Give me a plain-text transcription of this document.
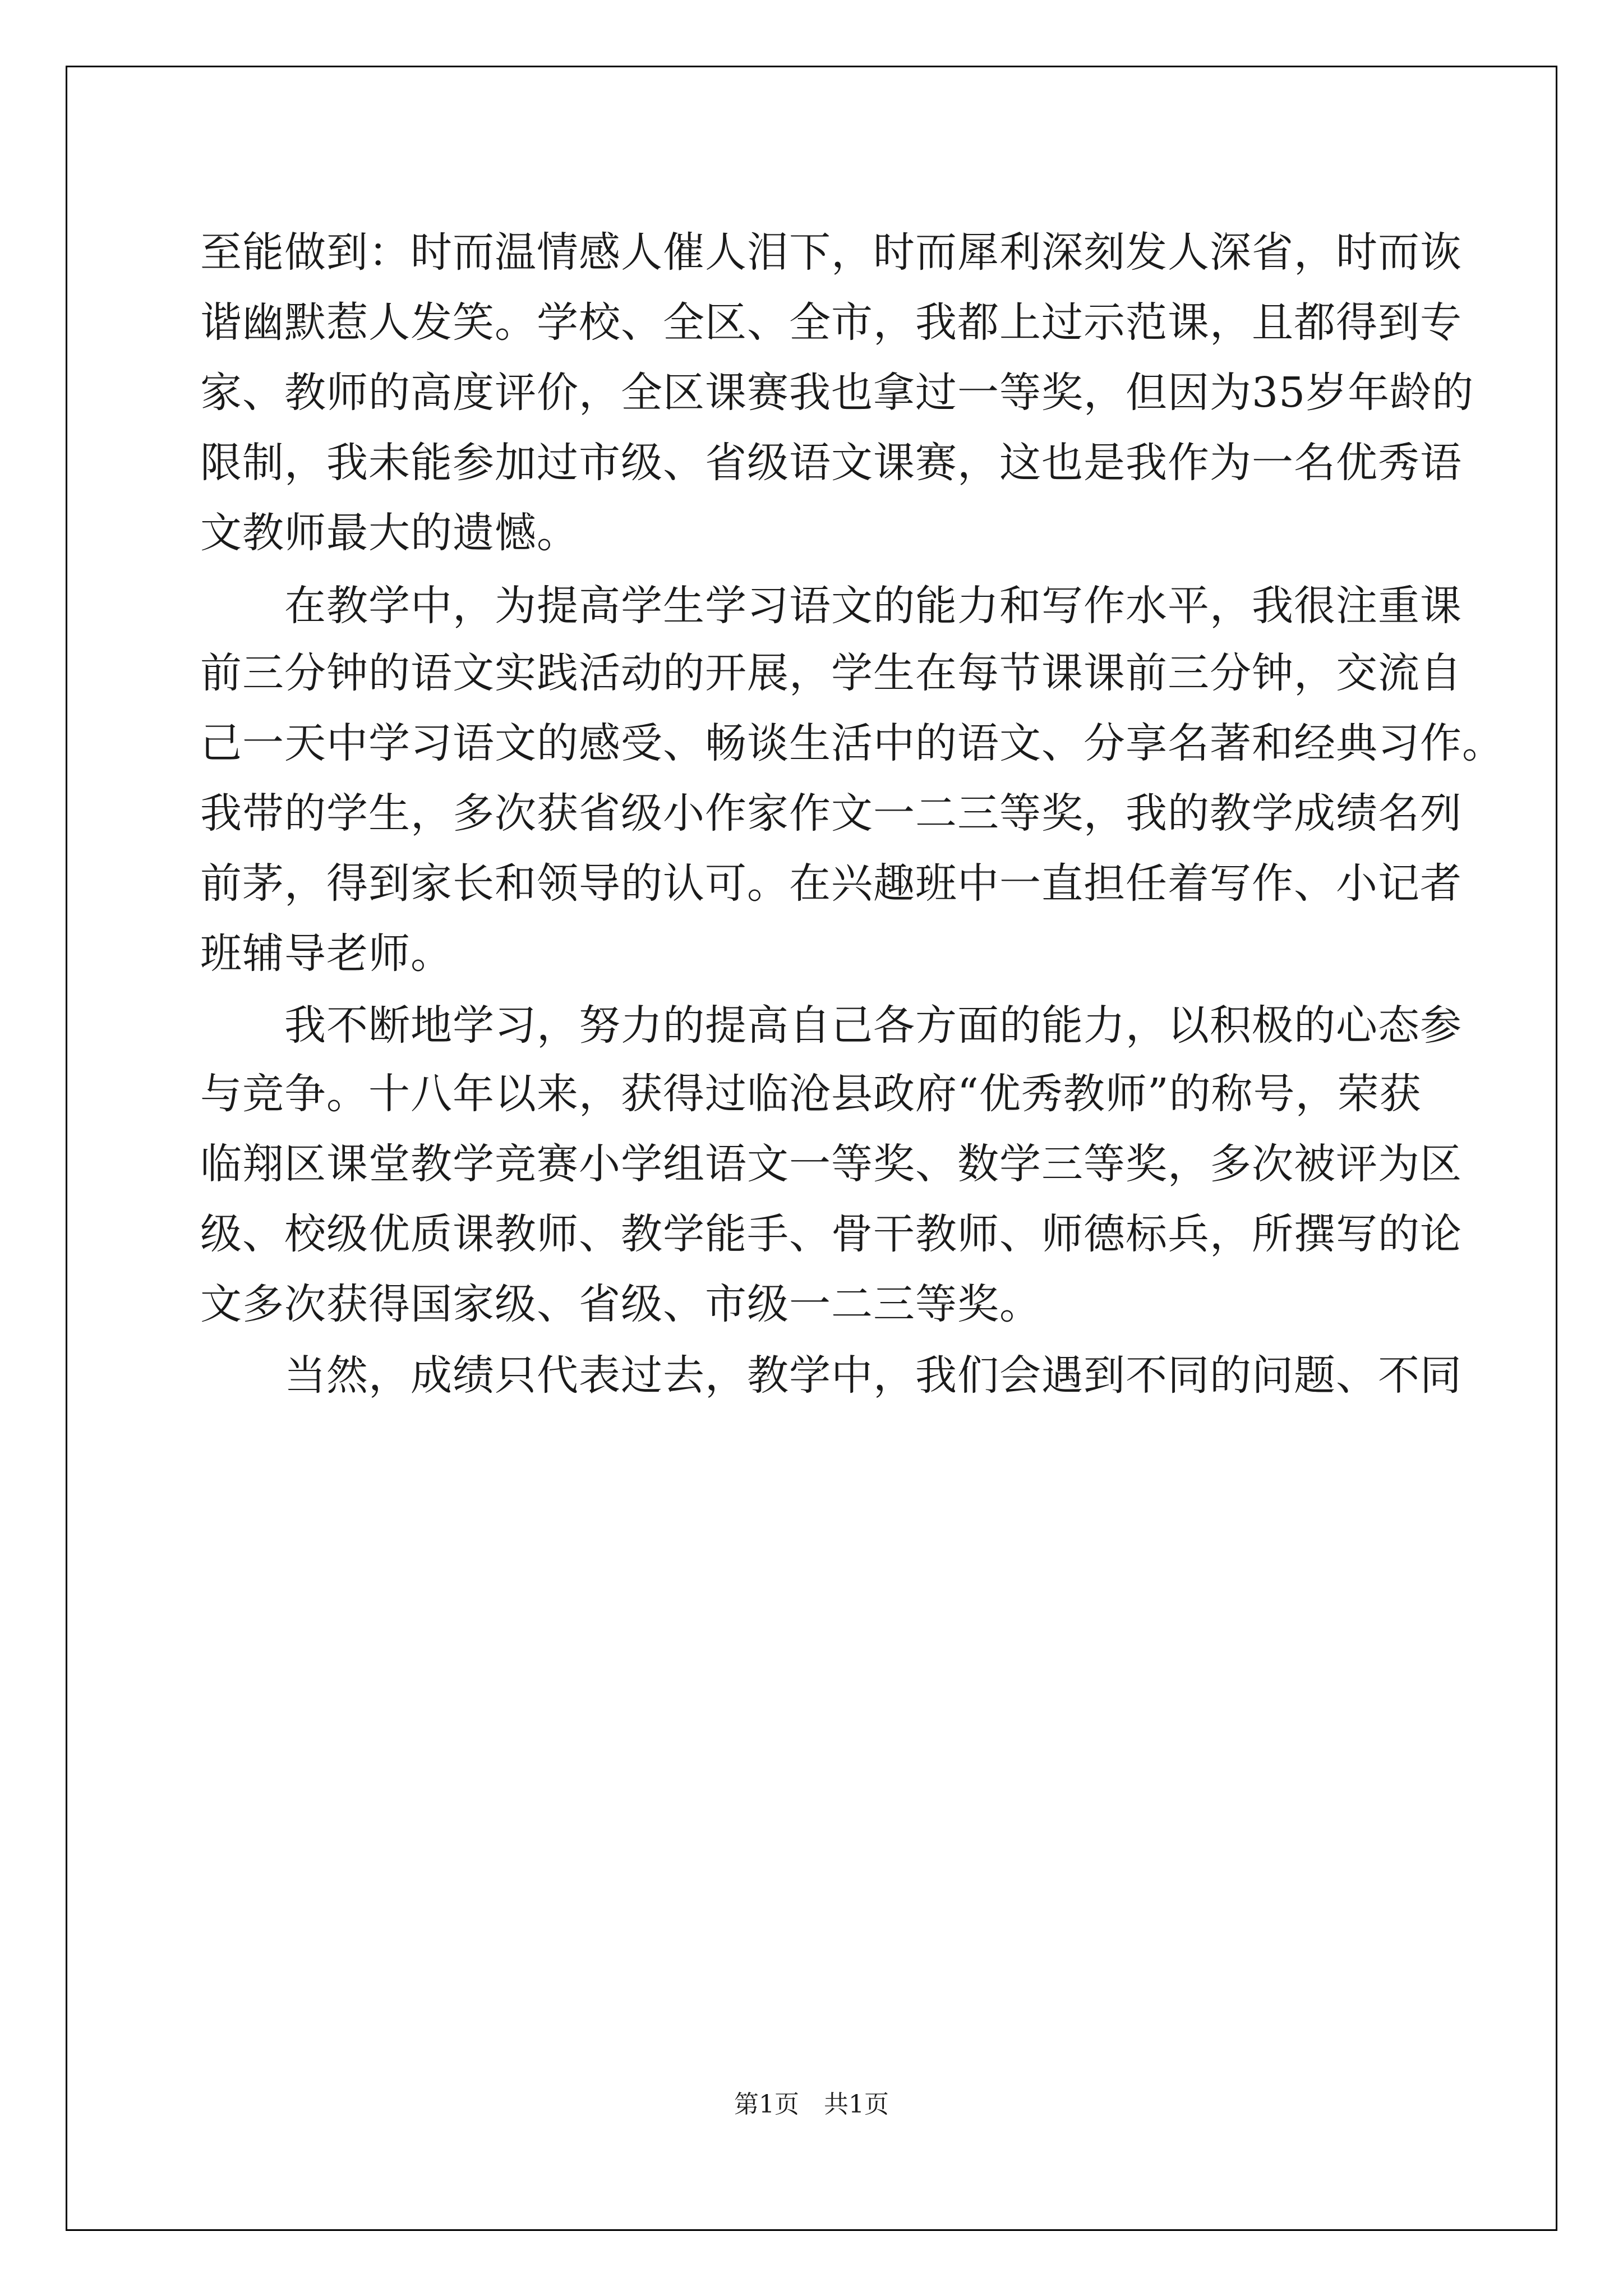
至能做到：时而温情感人催人泪下，时而犀利深刻发人深省，时而诙
谐幽默惹人发笑。学校、全区、全市，我都上过示范课，且都得到专
家、教师的高度评价，全区课赛我也拿过一等奖，但因为35岁年龄的
限制，我未能参加过市级、省级语文课赛，这也是我作为一名优秀语
文教师最大的遗憾。
　　在教学中，为提高学生学习语文的能力和写作水平，我很注重课
前三分钟的语文实践活动的开展，学生在每节课课前三分钟，交流自
己一天中学习语文的感受、畅谈生活中的语文、分享名著和经典习作。
我带的学生，多次获省级小作家作文一二三等奖，我的教学成绩名列
前茅，得到家长和领导的认可。在兴趣班中一直担任着写作、小记者
班辅导老师。
　　我不断地学习，努力的提高自己各方面的能力，以积极的心态参
与竞争。十八年以来，获得过临沧县政府“优秀教师”的称号，荣获
临翔区课堂教学竞赛小学组语文一等奖、数学三等奖，多次被评为区
级、校级优质课教师、教学能手、骨干教师、师德标兵，所撰写的论
文多次获得国家级、省级、市级一二三等奖。
　　当然，成绩只代表过去，教学中，我们会遇到不同的问题、不同
第1页　共1页
